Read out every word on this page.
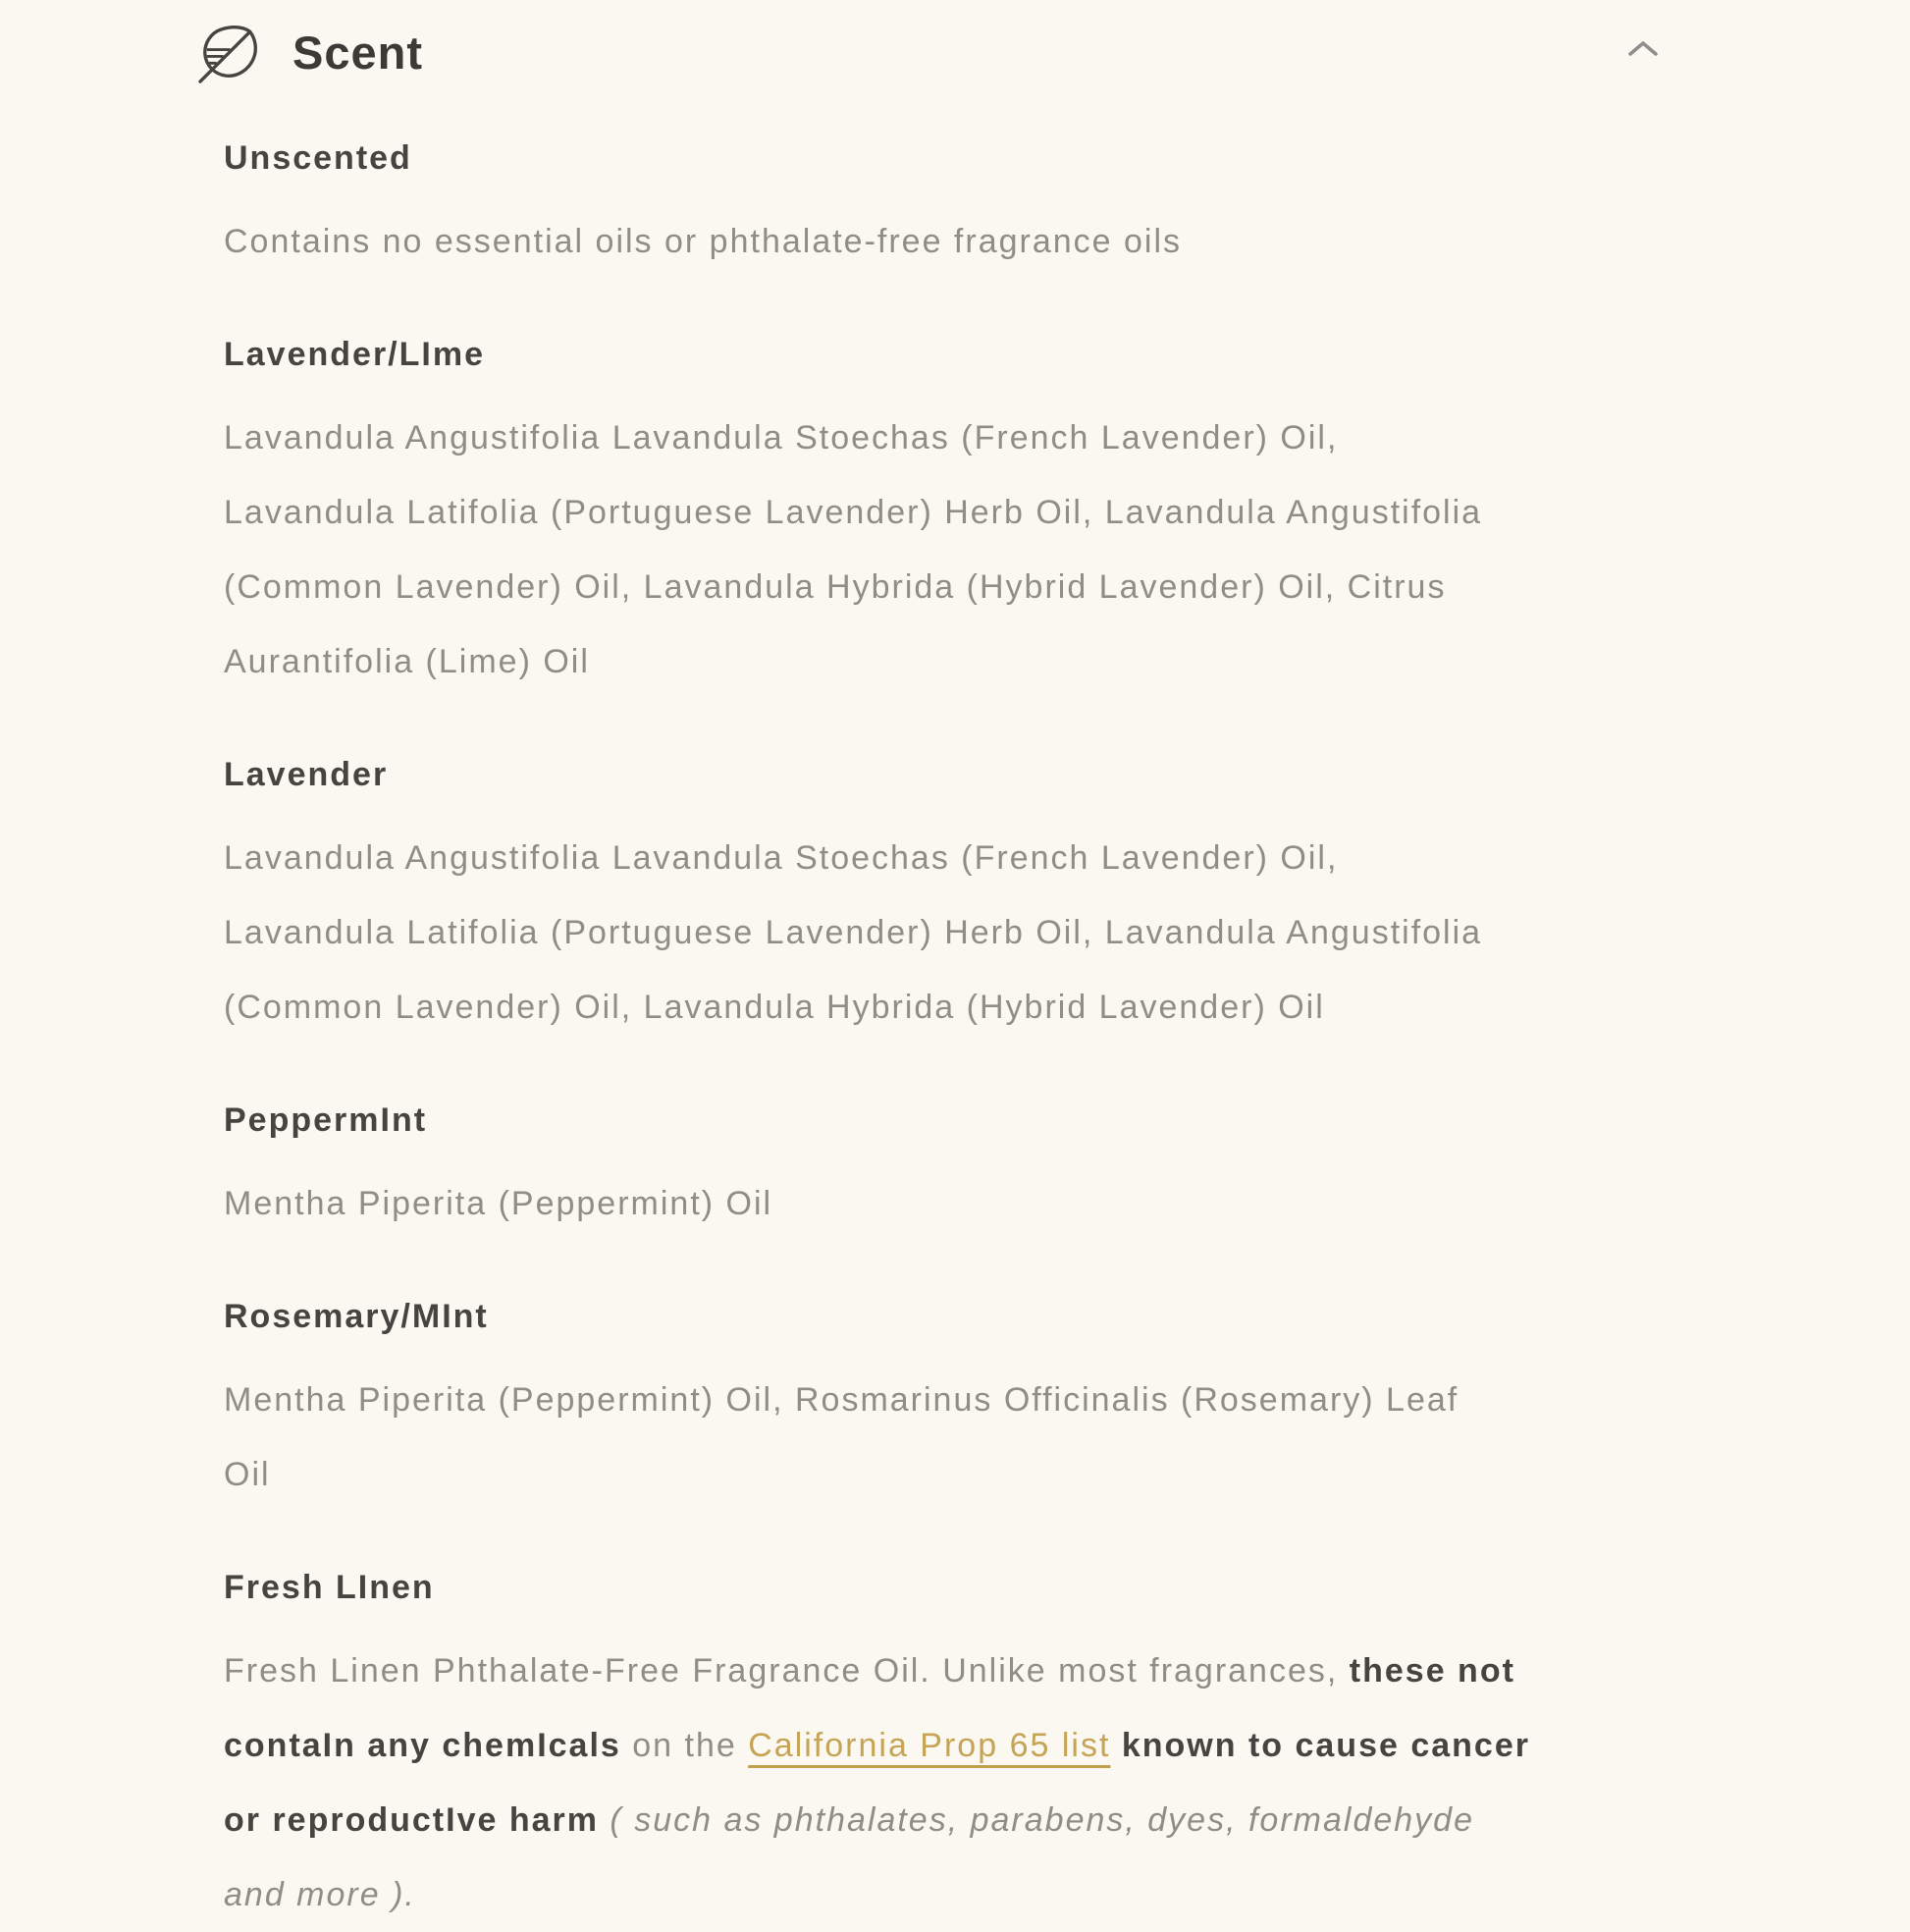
Scent
Unscented
Contains no essential oils or phthalate-free fragrance oils
Lavender/LIme
Lavandula Angustifolia Lavandula Stoechas (French Lavender) Oil,
Lavandula Latifolia (Portuguese Lavender) Herb Oil, Lavandula Angustifolia
(Common Lavender) Oil, Lavandula Hybrida (Hybrid Lavender) Oil, Citrus
Aurantifolia (Lime) Oil
Lavender
Lavandula Angustifolia Lavandula Stoechas (French Lavender) Oil,
Lavandula Latifolia (Portuguese Lavender) Herb Oil, Lavandula Angustifolia
(Common Lavender) Oil, Lavandula Hybrida (Hybrid Lavender) Oil
PeppermInt
Mentha Piperita (Peppermint) Oil
Rosemary/MInt
Mentha Piperita (Peppermint) Oil, Rosmarinus Officinalis (Rosemary) Leaf
Oil
Fresh LInen
Fresh Linen Phthalate-Free Fragrance Oil. Unlike most fragrances, these not
contaIn any chemIcals on the California Prop 65 list known to cause cancer
or reproductIve harm ( such as phthalates, parabens, dyes, formaldehyde
and more ).
